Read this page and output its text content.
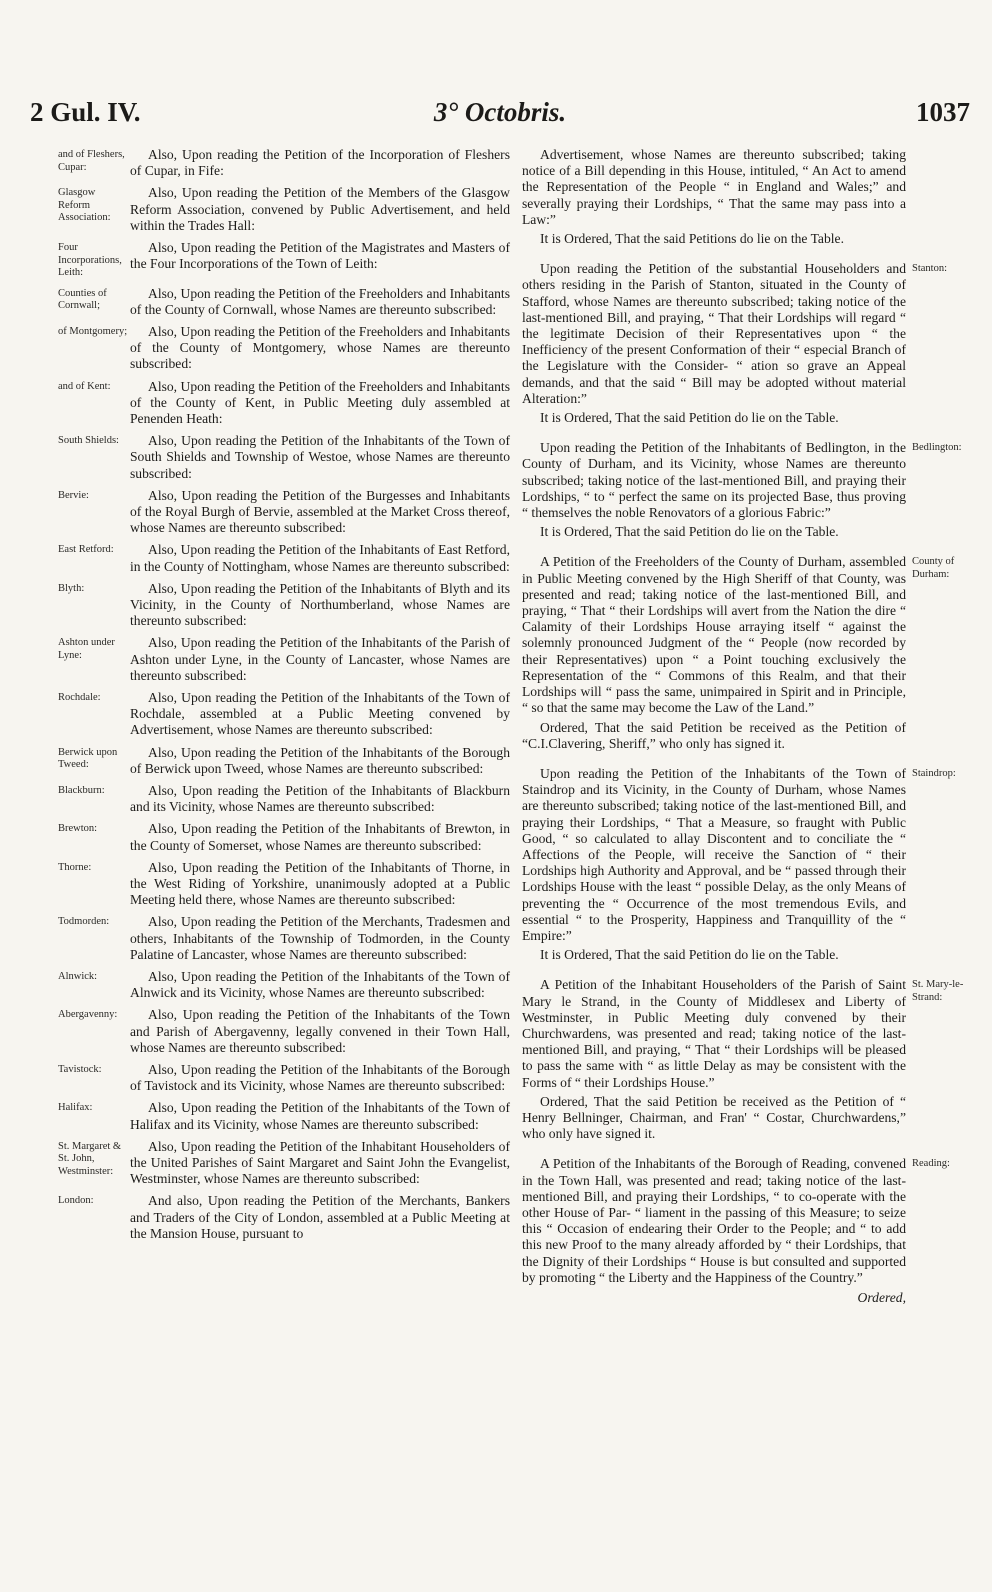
2 Gul. IV.	3° Octobris.	1037
and of Fleshers, Cupar:

Also, Upon reading the Petition of the Incorporation of Fleshers of Cupar, in Fife:

Glasgow Reform Association:

Also, Upon reading the Petition of the Members of the Glasgow Reform Association, convened by Public Advertisement, and held within the Trades Hall:

Four Incorporations, Leith:

Also, Upon reading the Petition of the Magistrates and Masters of the Four Incorporations of the Town of Leith:

Counties of Cornwall;

Also, Upon reading the Petition of the Freeholders and Inhabitants of the County of Cornwall, whose Names are thereunto subscribed:

of Montgomery;	Also, Upon reading the Petition of the Freeholders and Inhabitants of the County of Montgomery, whose Names are thereunto subscribed:

and of Kent:	Also, Upon reading the Petition of the Freeholders and Inhabitants of the County of Kent, in Public Meeting duly assembled at Penenden Heath:

South Shields:	Also, Upon reading the Petition of the Inhabitants of the Town of South Shields and Township of Westoe, whose Names are thereunto subscribed:

Bervie:	Also, Upon reading the Petition of the Burgesses and Inhabitants of the Royal Burgh of Bervie, assembled at the Market Cross thereof, whose Names are thereunto subscribed:

East Retford:	Also, Upon reading the Petition of the Inhabitants of East Retford, in the County of Nottingham, whose Names are thereunto subscribed:

Blyth:	Also, Upon reading the Petition of the Inhabitants of Blyth and its Vicinity, in the County of Northumberland, whose Names are thereunto subscribed:

Ashton under Lyne:

Also, Upon reading the Petition of the Inhabitants of the Parish of Ashton under Lyne, in the County of Lancaster, whose Names are thereunto subscribed:

Rochdale:	Also, Upon reading the Petition of the Inhabitants of the Town of Rochdale, assembled at a Public Meeting convened by Advertisement, whose Names are thereunto subscribed:

Berwick upon Tweed:

Also, Upon reading the Petition of the Inhabitants of the Borough of Berwick upon Tweed, whose Names are thereunto subscribed:

Blackburn:	Also, Upon reading the Petition of the Inhabitants of Blackburn and its Vicinity, whose Names are thereunto subscribed:

Brewton:	Also, Upon reading the Petition of the Inhabitants of Brewton, in the County of Somerset, whose Names are thereunto subscribed:

Thorne:	Also, Upon reading the Petition of the Inhabitants of Thorne, in the West Riding of Yorkshire, unanimously adopted at a Public Meeting held there, whose Names are thereunto subscribed:

Todmorden:	Also, Upon reading the Petition of the Merchants, Tradesmen and others, Inhabitants of the Township of Todmorden, in the County Palatine of Lancaster, whose Names are thereunto subscribed:

Alnwick:	Also, Upon reading the Petition of the Inhabitants of the Town of Alnwick and its Vicinity, whose Names are thereunto subscribed:

Abergavenny:	Also, Upon reading the Petition of the Inhabitants of the Town and Parish of Abergavenny, legally convened in their Town Hall, whose Names are thereunto subscribed:

Tavistock:	Also, Upon reading the Petition of the Inhabitants of the Borough of Tavistock and its Vicinity, whose Names are thereunto subscribed:

Halifax:	Also, Upon reading the Petition of the Inhabitants of the Town of Halifax and its Vicinity, whose Names are thereunto subscribed:

St. Margaret & St. John, Westminster:

Also, Upon reading the Petition of the Inhabitant Householders of the United Parishes of Saint Margaret and Saint John the Evangelist, Westminster, whose Names are thereunto subscribed:

London:	And also, Upon reading the Petition of the Merchants, Bankers and Traders of the City of London, assembled at a Public Meeting at the Mansion House, pursuant to

Advertisement, whose Names are thereunto subscribed; taking notice of a Bill depending in this House, intituled, “ An Act to amend the Representation of the People “ in England and Wales;” and severally praying their Lordships, “ That the same may pass into a Law:”

It is Ordered, That the said Petitions do lie on the Table.

Stanton:

Upon reading the Petition of the substantial Householders and others residing in the Parish of Stanton, situated in the County of Stafford, whose Names are thereunto subscribed; taking notice of the last-mentioned Bill, and praying, “ That their Lordships will regard “ the legitimate Decision of their Representatives upon “ the Inefficiency of the present Conformation of their “ especial Branch of the Legislature with the Consider- “ ation so grave an Appeal demands, and that the said “ Bill may be adopted without material Alteration:”

It is Ordered, That the said Petition do lie on the Table.

Bedlington:

Upon reading the Petition of the Inhabitants of Bedlington, in the County of Durham, and its Vicinity, whose Names are thereunto subscribed; taking notice of the last-mentioned Bill, and praying their Lordships, “ to “ perfect the same on its projected Base, thus proving “ themselves the noble Renovators of a glorious Fabric:”

It is Ordered, That the said Petition do lie on the Table.

County of Durham:

A Petition of the Freeholders of the County of Durham, assembled in Public Meeting convened by the High Sheriff of that County, was presented and read; taking notice of the last-mentioned Bill, and praying, “ That “ their Lordships will avert from the Nation the dire “ Calamity of their Lordships House arraying itself “ against the solemnly pronounced Judgment of the “ People (now recorded by their Representatives) upon “ a Point touching exclusively the Representation of the “ Commons of this Realm, and that their Lordships will “ pass the same, unimpaired in Spirit and in Principle, “ so that the same may become the Law of the Land.”

Ordered, That the said Petition be received as the Petition of “C.I.Clavering, Sheriff,” who only has signed it.

Staindrop:

Upon reading the Petition of the Inhabitants of the Town of Staindrop and its Vicinity, in the County of Durham, whose Names are thereunto subscribed; taking notice of the last-mentioned Bill, and praying their Lordships, “ That a Measure, so fraught with Public Good, “ so calculated to allay Discontent and to conciliate the “ Affections of the People, will receive the Sanction of “ their Lordships high Authority and Approval, and be “ passed through their Lordships House with the least “ possible Delay, as the only Means of preventing the “ Occurrence of the most tremendous Evils, and essential “ to the Prosperity, Happiness and Tranquillity of the “ Empire:”

It is Ordered, That the said Petition do lie on the Table.

St. Mary-le-Strand:

A Petition of the Inhabitant Householders of the Parish of Saint Mary le Strand, in the County of Middlesex and Liberty of Westminster, in Public Meeting duly convened by their Churchwardens, was presented and read; taking notice of the last-mentioned Bill, and praying, “ That “ their Lordships will be pleased to pass the same with “ as little Delay as may be consistent with the Forms of “ their Lordships House.”

Ordered, That the said Petition be received as the Petition of “ Henry Bellninger, Chairman, and Fran' “ Costar, Churchwardens,” who only have signed it.

Reading:

A Petition of the Inhabitants of the Borough of Reading, convened in the Town Hall, was presented and read; taking notice of the last-mentioned Bill, and praying their Lordships, “ to co-operate with the other House of Par- “ liament in the passing of this Measure; to seize this “ Occasion of endearing their Order to the People; and “ to add this new Proof to the many already afforded by “ their Lordships, that the Dignity of their Lordships “ House is but consulted and supported by promoting “ the Liberty and the Happiness of the Country.”

Ordered,
